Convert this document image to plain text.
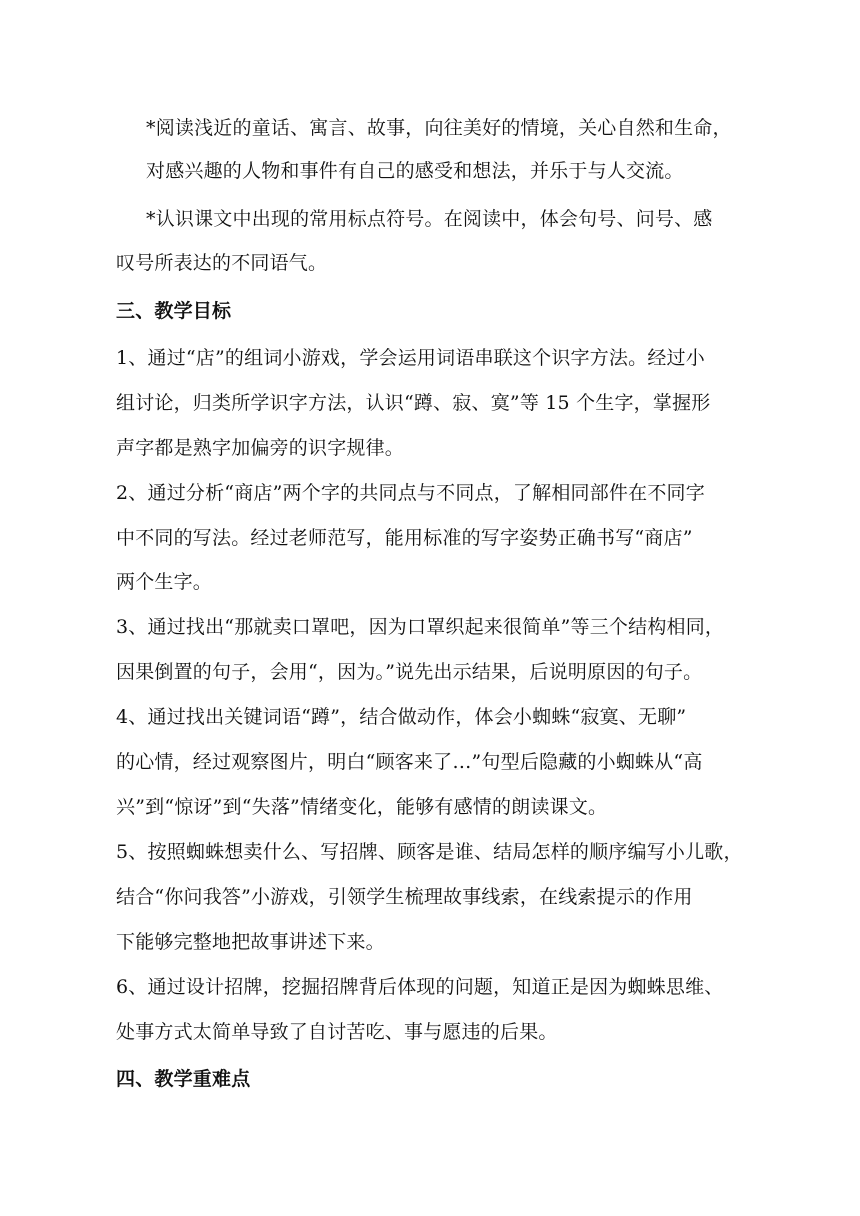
*阅读浅近的童话、寓言、故事，向往美好的情境，关心自然和生命，
对感兴趣的人物和事件有自己的感受和想法，并乐于与人交流。
*认识课文中出现的常用标点符号。在阅读中，体会句号、问号、感
叹号所表达的不同语气。
三、教学目标
1、通过“店”的组词小游戏，学会运用词语串联这个识字方法。经过小
组讨论，归类所学识字方法，认识“蹲、寂、寞”等 15 个生字，掌握形
声字都是熟字加偏旁的识字规律。
2、通过分析“商店”两个字的共同点与不同点，了解相同部件在不同字
中不同的写法。经过老师范写，能用标准的写字姿势正确书写“商店”
两个生字。
3、通过找出“那就卖口罩吧，因为口罩织起来很简单”等三个结构相同，
因果倒置的句子，会用“，因为。”说先出示结果，后说明原因的句子。
4、通过找出关键词语“蹲”，结合做动作，体会小蜘蛛“寂寞、无聊”
的心情，经过观察图片，明白“顾客来了…”句型后隐藏的小蜘蛛从“高
兴”到“惊讶”到“失落”情绪变化，能够有感情的朗读课文。
5、按照蜘蛛想卖什么、写招牌、顾客是谁、结局怎样的顺序编写小儿歌，
结合“你问我答”小游戏，引领学生梳理故事线索，在线索提示的作用
下能够完整地把故事讲述下来。
6、通过设计招牌，挖掘招牌背后体现的问题，知道正是因为蜘蛛思维、
处事方式太简单导致了自讨苦吃、事与愿违的后果。
四、教学重难点
